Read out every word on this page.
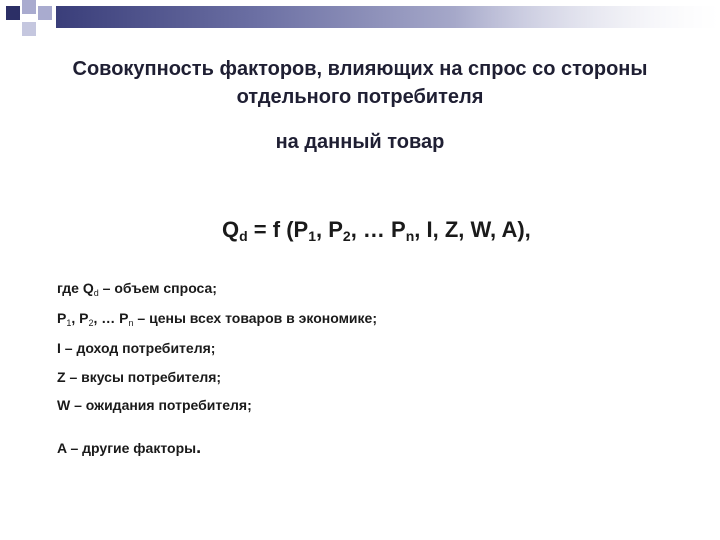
Совокупность факторов, влияющих на спрос со стороны отдельного потребителя
на данный товар
$Q_d = f$ ($P_1$, $P_2$, … $P_n$, I, Z, W, A),
где $Q_d$ – объем спроса;
$P_1$, $P_2$, … $P_n$ – цены всех товаров в экономике;
I – доход потребителя;
Z – вкусы потребителя;
W – ожидания потребителя;
A – другие факторы.
